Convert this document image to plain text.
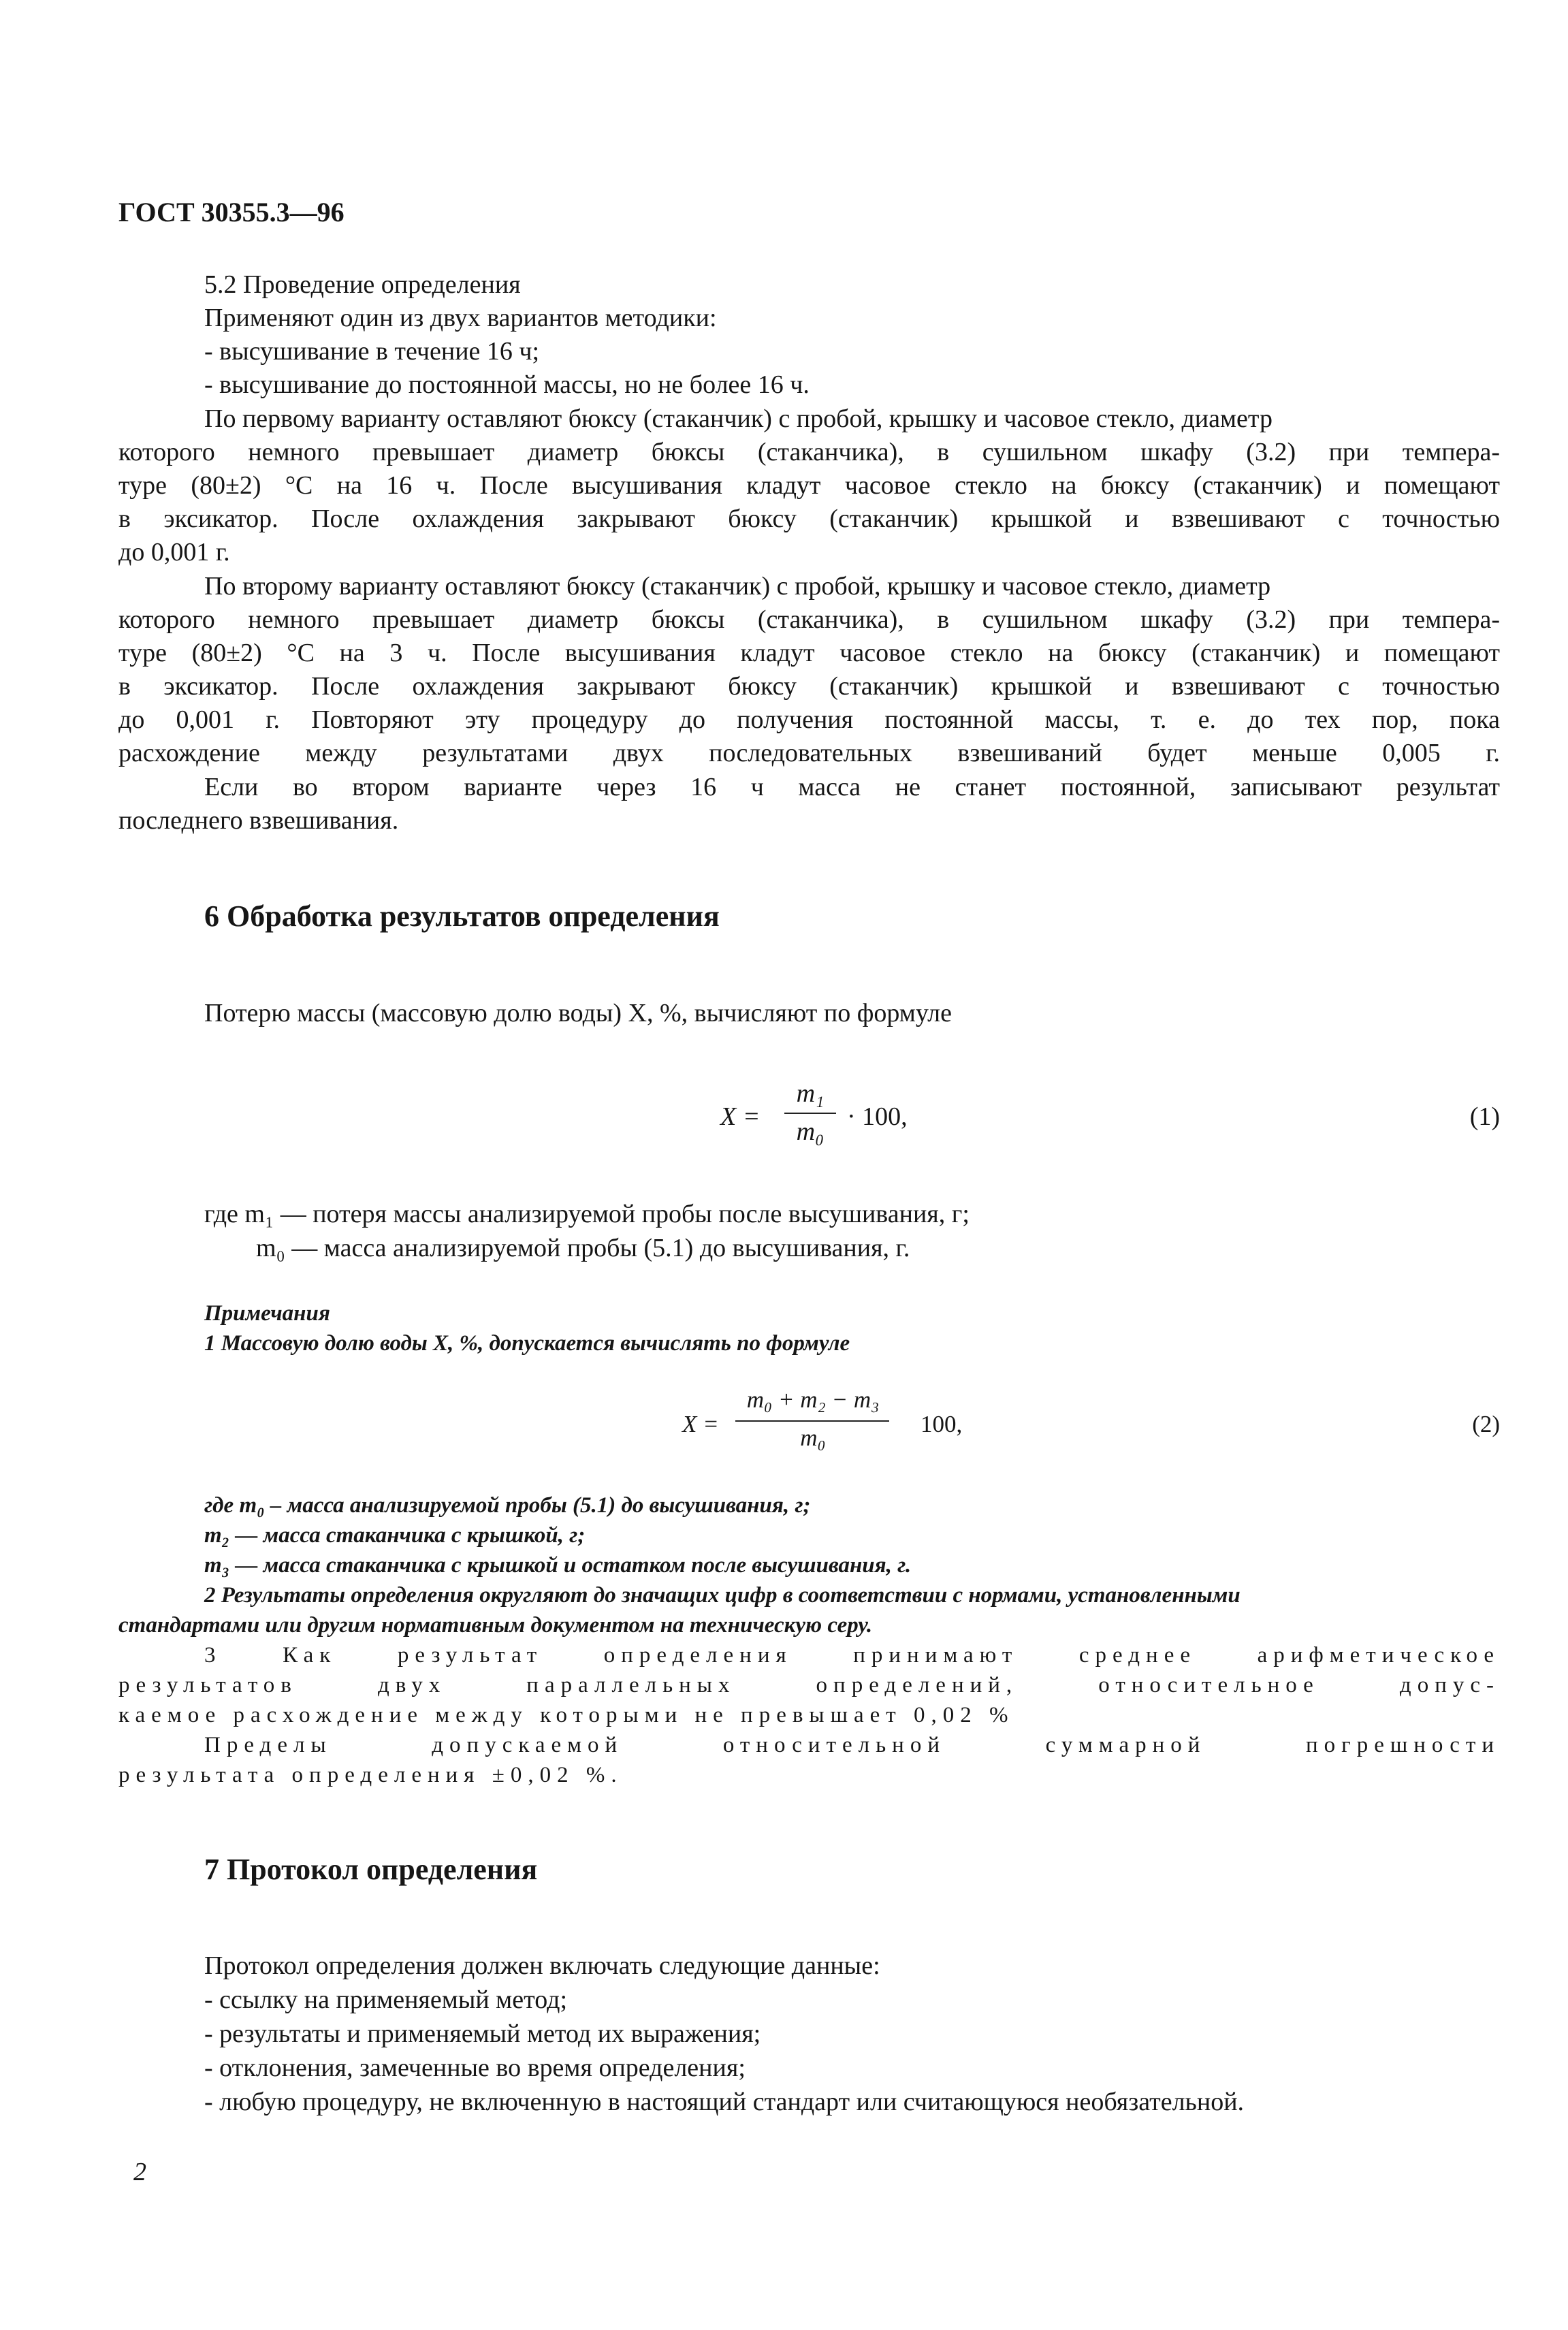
ГОСТ 30355.3—96
5.2 Проведение определения
Применяют один из двух вариантов методики:
- высушивание в течение 16 ч;
- высушивание до постоянной массы, но не более 16 ч.
По первому варианту оставляют бюксу (стаканчик) с пробой, крышку и часовое стекло, диаметр
которого немного превышает диаметр бюксы (стаканчика), в сушильном шкафу (3.2) при темпера-
туре (80±2) °С на 16 ч. После высушивания кладут часовое стекло на бюксу (стаканчик) и помещают
в эксикатор. После охлаждения закрывают бюксу (стаканчик) крышкой и взвешивают с точностью
до 0,001 г.
По второму варианту оставляют бюксу (стаканчик) с пробой, крышку и часовое стекло, диаметр
которого немного превышает диаметр бюксы (стаканчика), в сушильном шкафу (3.2) при темпера-
туре (80±2) °С на 3 ч. После высушивания кладут часовое стекло на бюксу (стаканчик) и помещают
в эксикатор. После охлаждения закрывают бюксу (стаканчик) крышкой и взвешивают с точностью
до 0,001 г. Повторяют эту процедуру до получения постоянной массы, т. е. до тех пор, пока
расхождение между результатами двух последовательных взвешиваний будет меньше 0,005 г.
Если во втором варианте через 16 ч масса не станет постоянной, записывают результат
последнего взвешивания.
6 Обработка результатов определения
Потерю массы (массовую долю воды) X, %, вычисляют по формуле
X =
m₁
m₀
· 100,	(1)
где m₁ — потеря массы анализируемой пробы после высушивания, г;
m₀ — масса анализируемой пробы (5.1) до высушивания, г.
Примечания
1 Массовую долю воды X, %, допускается вычислять по формуле
X =
m₀ + m₂ − m₃
m₀
100,	(2)
где m₀ – масса анализируемой пробы (5.1) до высушивания, г;
m₂ — масса стаканчика с крышкой, г;
m₃ — масса стаканчика с крышкой и остатком после высушивания, г.
2 Результаты определения округляют до значащих цифр в соответствии с нормами, установленными
стандартами или другим нормативным документом на техническую серу.
3 Как результат определения принимают среднее арифметическое
результатов двух параллельных определений, относительное допус-
каемое расхождение между которыми не превышает 0,02 %
Пределы допускаемой относительной суммарной погрешности
результата определения ±0,02 %.
7 Протокол определения
Протокол определения должен включать следующие данные:
- ссылку на применяемый метод;
- результаты и применяемый метод их выражения;
- отклонения, замеченные во время определения;
- любую процедуру, не включенную в настоящий стандарт или считающуюся необязательной.
2
